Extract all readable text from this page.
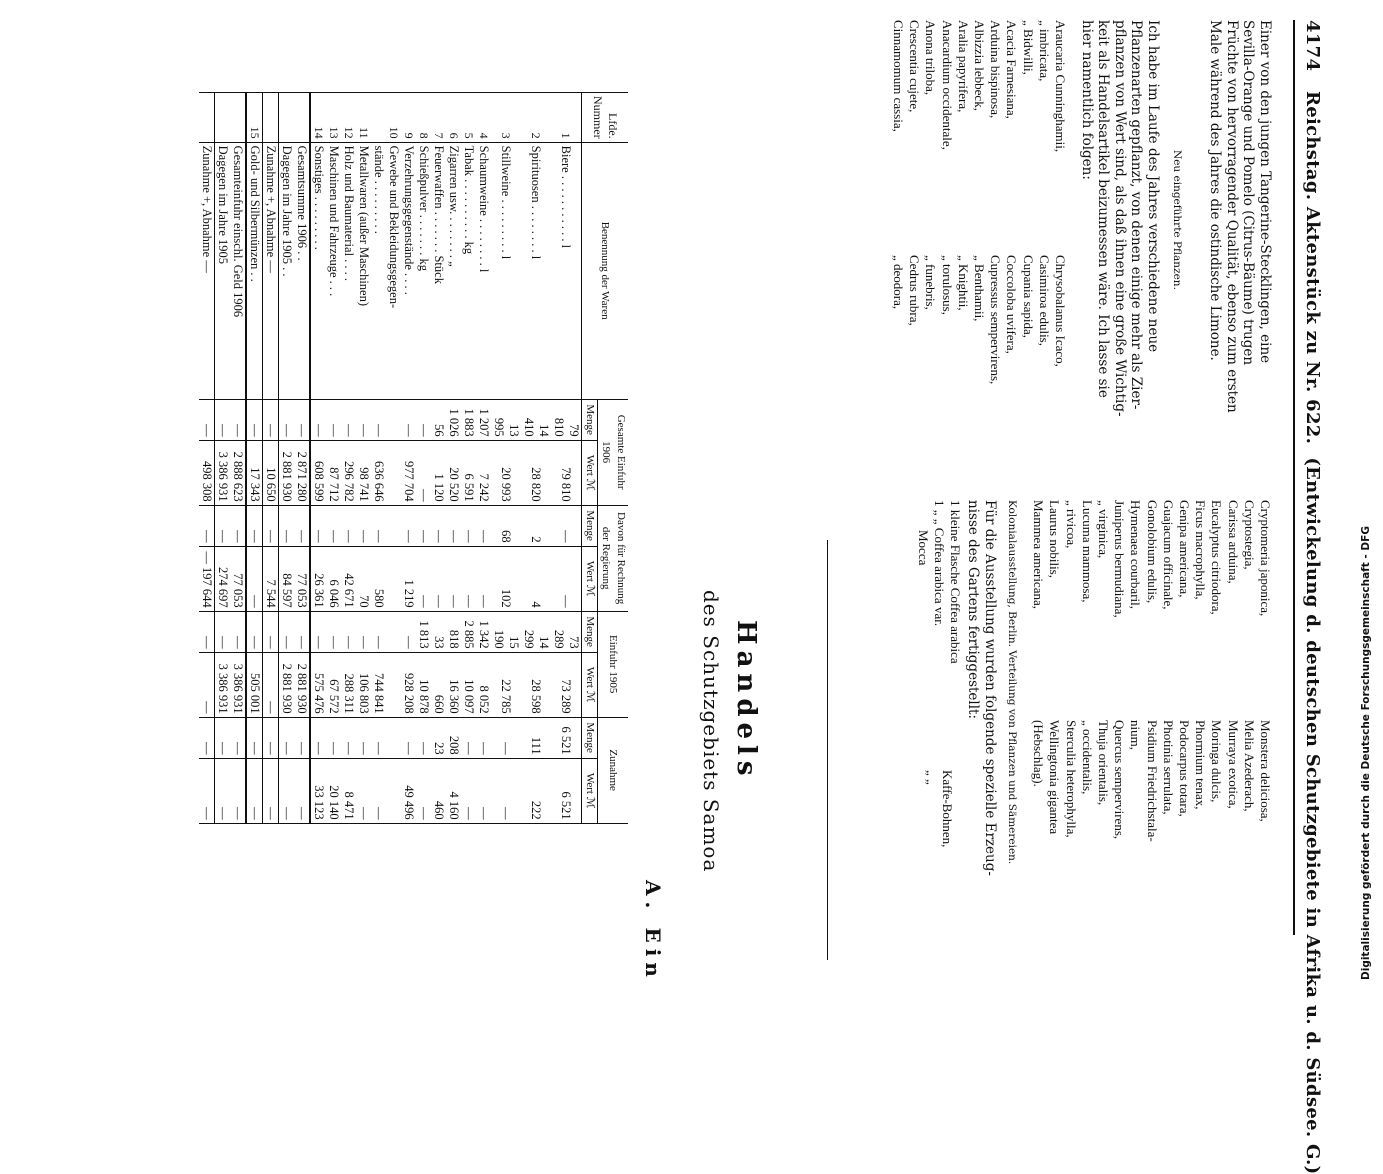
4174   Reichstag. Aktenstück zu Nr. 622.  (Entwickelung d. deutschen Schutzgebiete in Afrika u. d. Südsee. G.)
Einer von den jungen Tangerine-Stecklingen, eine
Sevilla-Orange und Pomelo (Citrus-Bäume) trugen
Früchte von hervorragender Qualität, ebenso zum ersten
Male während des Jahres die ostindische Limone.
Neu eingeführte Pflanzen.
Ich habe im Laufe des Jahres verschiedene neue
Pflanzenarten gepflanzt, von denen einige mehr als Zier-
pflanzen von Wert sind, als daß ihnen eine große Wichtig-
keit als Handelsartikel beizumessen wäre. Ich lasse sie
hier namentlich folgen:
Araucaria Cunninghamii,
„ imbricata,
„ Bidwilli,
Acacia Farnesiana,
Arduina bispinosa,
Albizzia lebbeck,
Aralia papyrifera,
Anacardium occidentale,
Anona triloba,
Crescentia cujete,
Cinnamomum cassia,
Chrysobalanus Icaco,
Casimiroa edulis,
Cupania sapida,
Coccoloba uvifera,
Cupressus sempervirens,
„ Benthamii,
„ Knightii,
„ torulosus,
„ funebris,
Cedrus rubra,
„ deodora,
Cryptomeria japonica,
Cryptostegia,
Carissa arduina,
Eucalyptus citriodora,
Ficus macrophylla,
Genipa americana,
Guajacum officinale,
Gonolobium edulis,
Hymenaea courbaril,
Juniperus bermudiana,
„ virginica,
Lucuma mammosa,
„ rivicoa,
Laurus nobilis,
Mammea americana,
Monstera deliciosa,
Melia Azederach,
Murraya exotica,
Moringa dulcis,
Phormium tenax,
Podocarpus totara,
Photinia serrulata,
Psidium Friedrichstala-
nium,
Quercus sempervirens,
Thuja orientalis,
„ occidentalis,
Sterculia heterophylla,
Wellingtonia gigantea
(Hebschlag).
Kolonialausstellung, Berlin. Verteilung von Pflanzen und Sämereien.
Für die Ausstellung wurden folgende spezielle Erzeug-
nisse des Gartens fertiggestellt:
1 kleine Flasche Coffea arabica
1 „ „ Coffea arabica var.
Mocca
Kaffe-Bohnen,
„ „
Handels
des Schutzgebiets Samoa
A. Ein
Lfde. Nummer	Benennung der Waren	Gesamte Einfuhr 1906		Davon für Rechnung der Regierung		Einfuhr 1905		Zunahme	
		Menge	Wert ℳ	Menge	Wert ℳ	Menge	Wert ℳ	Menge	Wert ℳ
1	Biere . . . . . . . . . . . l	79 810	79 810	—	—	73 289	73 289	6 521	6 521
2	Spirituosen . . . . . . . . l	14 410	28 820	2	4	14 299	28 598	111	222
3	Stillweine . . . . . . . . . l	13 995	20 993	68	102	15 190	22 785	—	—
4	Schaumweine . . . . . . . . l	1 207	7 242	—	—	1 342	8 052	—	—
5	Tabak . . . . . . . . . . kg	1 883	6 591	—	—	2 885	10 097	—	—
6	Zigarren usw. . . . . . . . „	1 026	20 520	—	—	818	16 360	208	4 160
7	Feuerwaffen . . . . . . . Stück	56	1 120	—	—	33	660	23	460
8	Schießpulver . . . . . . . kg	—	—	—	—	1 813	10 878	—	—
9	Verzehrungsgegenstände . . . .	—	977 704	—	1 219	—	928 208	—	49 496
10	Gewebe und Bekleidungsgegen-								
	stände . . . . . . . . .	—	636 646	—	580	—	744 841	—	—
11	Metallwaren (außer Maschinen)	—	98 741	—	70	—	106 803	—	—
12	Holz und Baumaterial . . . .	—	296 782	—	42 671	—	288 311	—	8 471
13	Maschinen und Fahrzeuge . . .	—	87 712	—	6 046	—	67 572	—	20 140
14	Sonstiges . . . . . . . . .	—	608 599	—	26 361	—	575 476	—	33 123
	Gesamtsumme 1906 . .	—	2 871 280	—	77 053	—	2 881 930	—	—
	Dagegen im Jahre 1905 . .	—	2 881 930	—	84 597	—	2 881 930	—	—
	Zunahme +, Abnahme —	—	10 650	—	7 544	—	—	—	—
15	Gold- und Silbermünzen . .	—	17 343	—	—	—	505 001	—	—
	Gesamteinfuhr einschl. Geld 1906	—	2 888 623	—	77 053	—	3 386 931	—	—
	Dagegen im Jahre 1905	—	3 386 931	—	274 697	—	3 386 931	—	—
	Zunahme +, Abnahme —	—	498 308	—	— 197 644	—	—	—	—	Digitalisierung gefördert durch die Deutsche Forschungsgemeinschaft - DFG
